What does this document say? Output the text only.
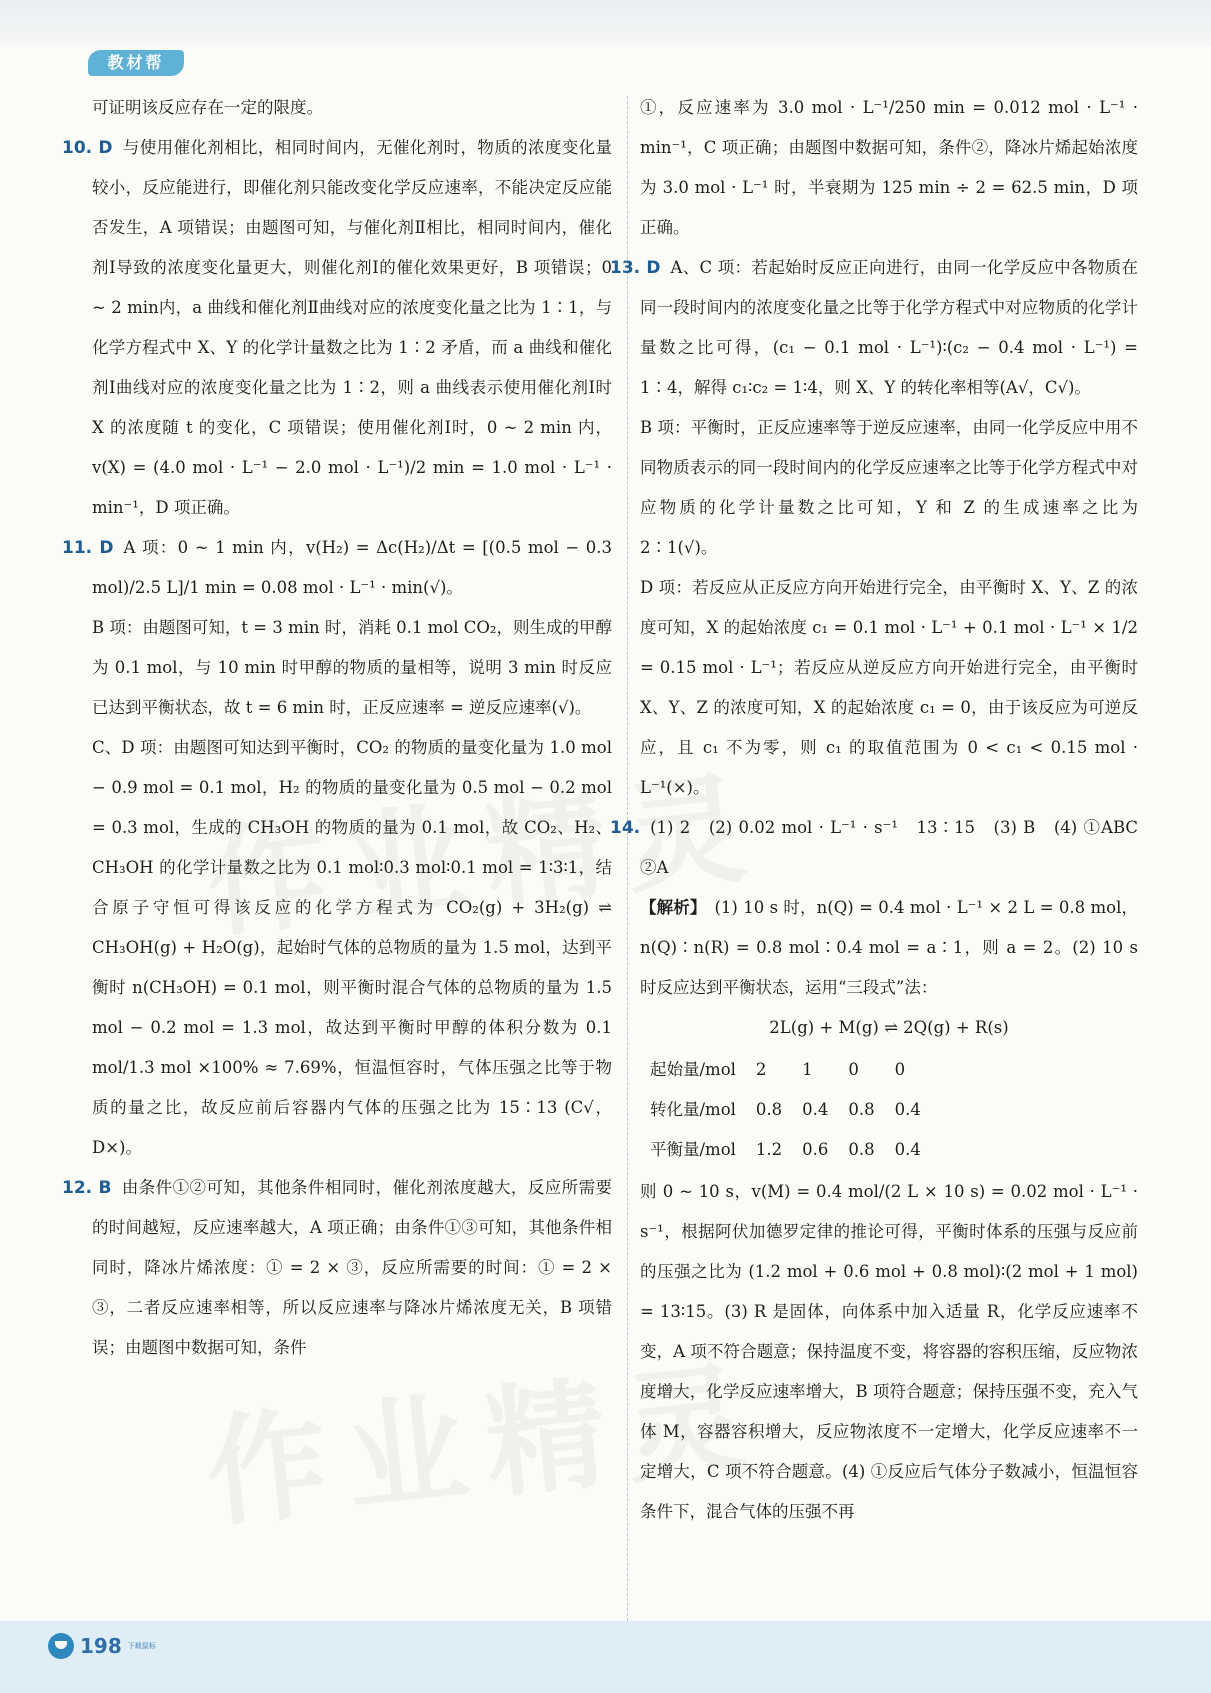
教材帮

可证明该反应存在一定的限度。

10. D 与使用催化剂相比，相同时间内，无催化剂时，物质的浓度变化量较小，反应能进行，即催化剂只能改变化学反应速率，不能决定反应能否发生，A 项错误；由题图可知，与催化剂Ⅱ相比，相同时间内，催化剂Ⅰ导致的浓度变化量更大，则催化剂Ⅰ的催化效果更好，B 项错误；0 ~ 2 min内，a 曲线和催化剂Ⅱ曲线对应的浓度变化量之比为 1∶1，与化学方程式中 X、Y 的化学计量数之比为 1∶2 矛盾，而 a 曲线和催化剂Ⅰ曲线对应的浓度变化量之比为 1∶2，则 a 曲线表示使用催化剂Ⅰ时 X 的浓度随 t 的变化，C 项错误；使用催化剂Ⅰ时，0 ~ 2 min 内，v(X) = (4.0 mol · L⁻¹ − 2.0 mol · L⁻¹)/2 min = 1.0 mol · L⁻¹ · min⁻¹，D 项正确。

11. D A 项：0 ~ 1 min 内，v(H₂) = Δc(H₂)/Δt = [(0.5 mol − 0.3 mol)/2.5 L]/1 min = 0.08 mol · L⁻¹ · min(√)。

B 项：由题图可知，t = 3 min 时，消耗 0.1 mol CO₂，则生成的甲醇为 0.1 mol，与 10 min 时甲醇的物质的量相等，说明 3 min 时反应已达到平衡状态，故 t = 6 min 时，正反应速率 = 逆反应速率(√)。

C、D 项：由题图可知达到平衡时，CO₂ 的物质的量变化量为 1.0 mol − 0.9 mol = 0.1 mol，H₂ 的物质的量变化量为 0.5 mol − 0.2 mol = 0.3 mol，生成的 CH₃OH 的物质的量为 0.1 mol，故 CO₂、H₂、CH₃OH 的化学计量数之比为 0.1 mol∶0.3 mol∶0.1 mol = 1∶3∶1，结合原子守恒可得该反应的化学方程式为 CO₂(g) + 3H₂(g) ⇌ CH₃OH(g) + H₂O(g)，起始时气体的总物质的量为 1.5 mol，达到平衡时 n(CH₃OH) = 0.1 mol，则平衡时混合气体的总物质的量为 1.5 mol − 0.2 mol = 1.3 mol，故达到平衡时甲醇的体积分数为 0.1 mol/1.3 mol ×100% ≈ 7.69%，恒温恒容时，气体压强之比等于物质的量之比，故反应前后容器内气体的压强之比为 15∶13 (C√，D×)。

12. B 由条件①②可知，其他条件相同时，催化剂浓度越大，反应所需要的时间越短，反应速率越大，A 项正确；由条件①③可知，其他条件相同时，降冰片烯浓度：① = 2 × ③，反应所需要的时间：① = 2 × ③，二者反应速率相等，所以反应速率与降冰片烯浓度无关，B 项错误；由题图中数据可知，条件

①，反应速率为 3.0 mol · L⁻¹/250 min = 0.012 mol · L⁻¹ · min⁻¹，C 项正确；由题图中数据可知，条件②，降冰片烯起始浓度为 3.0 mol · L⁻¹ 时，半衰期为 125 min ÷ 2 = 62.5 min，D 项正确。

13. D A、C 项：若起始时反应正向进行，由同一化学反应中各物质在同一段时间内的浓度变化量之比等于化学方程式中对应物质的化学计量数之比可得，(c₁ − 0.1 mol · L⁻¹)∶(c₂ − 0.4 mol · L⁻¹) = 1∶4，解得 c₁∶c₂ = 1∶4，则 X、Y 的转化率相等(A√，C√)。

B 项：平衡时，正反应速率等于逆反应速率，由同一化学反应中用不同物质表示的同一段时间内的化学反应速率之比等于化学方程式中对应物质的化学计量数之比可知，Y 和 Z 的生成速率之比为 2∶1(√)。

D 项：若反应从正反应方向开始进行完全，由平衡时 X、Y、Z 的浓度可知，X 的起始浓度 c₁ = 0.1 mol · L⁻¹ + 0.1 mol · L⁻¹ × 1/2 = 0.15 mol · L⁻¹；若反应从逆反应方向开始进行完全，由平衡时 X、Y、Z 的浓度可知，X 的起始浓度 c₁ = 0，由于该反应为可逆反应，且 c₁ 不为零，则 c₁ 的取值范围为 0 < c₁ < 0.15 mol · L⁻¹(×)。

14. (1) 2　(2) 0.02 mol · L⁻¹ · s⁻¹　13∶15　(3) B　(4) ①ABC　②A

【解析】 (1) 10 s 时，n(Q) = 0.4 mol · L⁻¹ × 2 L = 0.8 mol，n(Q)∶n(R) = 0.8 mol∶0.4 mol = a∶1，则 a = 2。(2) 10 s 时反应达到平衡状态，运用“三段式”法：

2L(g) + M(g) ⇌ 2Q(g) + R(s)

起始量/mol	2	1	0	0
转化量/mol	0.8	0.4	0.8	0.4
平衡量/mol	1.2	0.6	0.8	0.4

则 0 ~ 10 s，v(M) = 0.4 mol/(2 L × 10 s) = 0.02 mol · L⁻¹ · s⁻¹，根据阿伏加德罗定律的推论可得，平衡时体系的压强与反应前的压强之比为 (1.2 mol + 0.6 mol + 0.8 mol)∶(2 mol + 1 mol) = 13∶15。(3) R 是固体，向体系中加入适量 R，化学反应速率不变，A 项不符合题意；保持温度不变，将容器的容积压缩，反应物浓度增大，化学反应速率增大，B 项符合题意；保持压强不变，充入气体 M，容器容积增大，反应物浓度不一定增大，化学反应速率不一定增大，C 项不符合题意。(4) ①反应后气体分子数减小，恒温恒容条件下，混合气体的压强不再

198 下载鼠标
